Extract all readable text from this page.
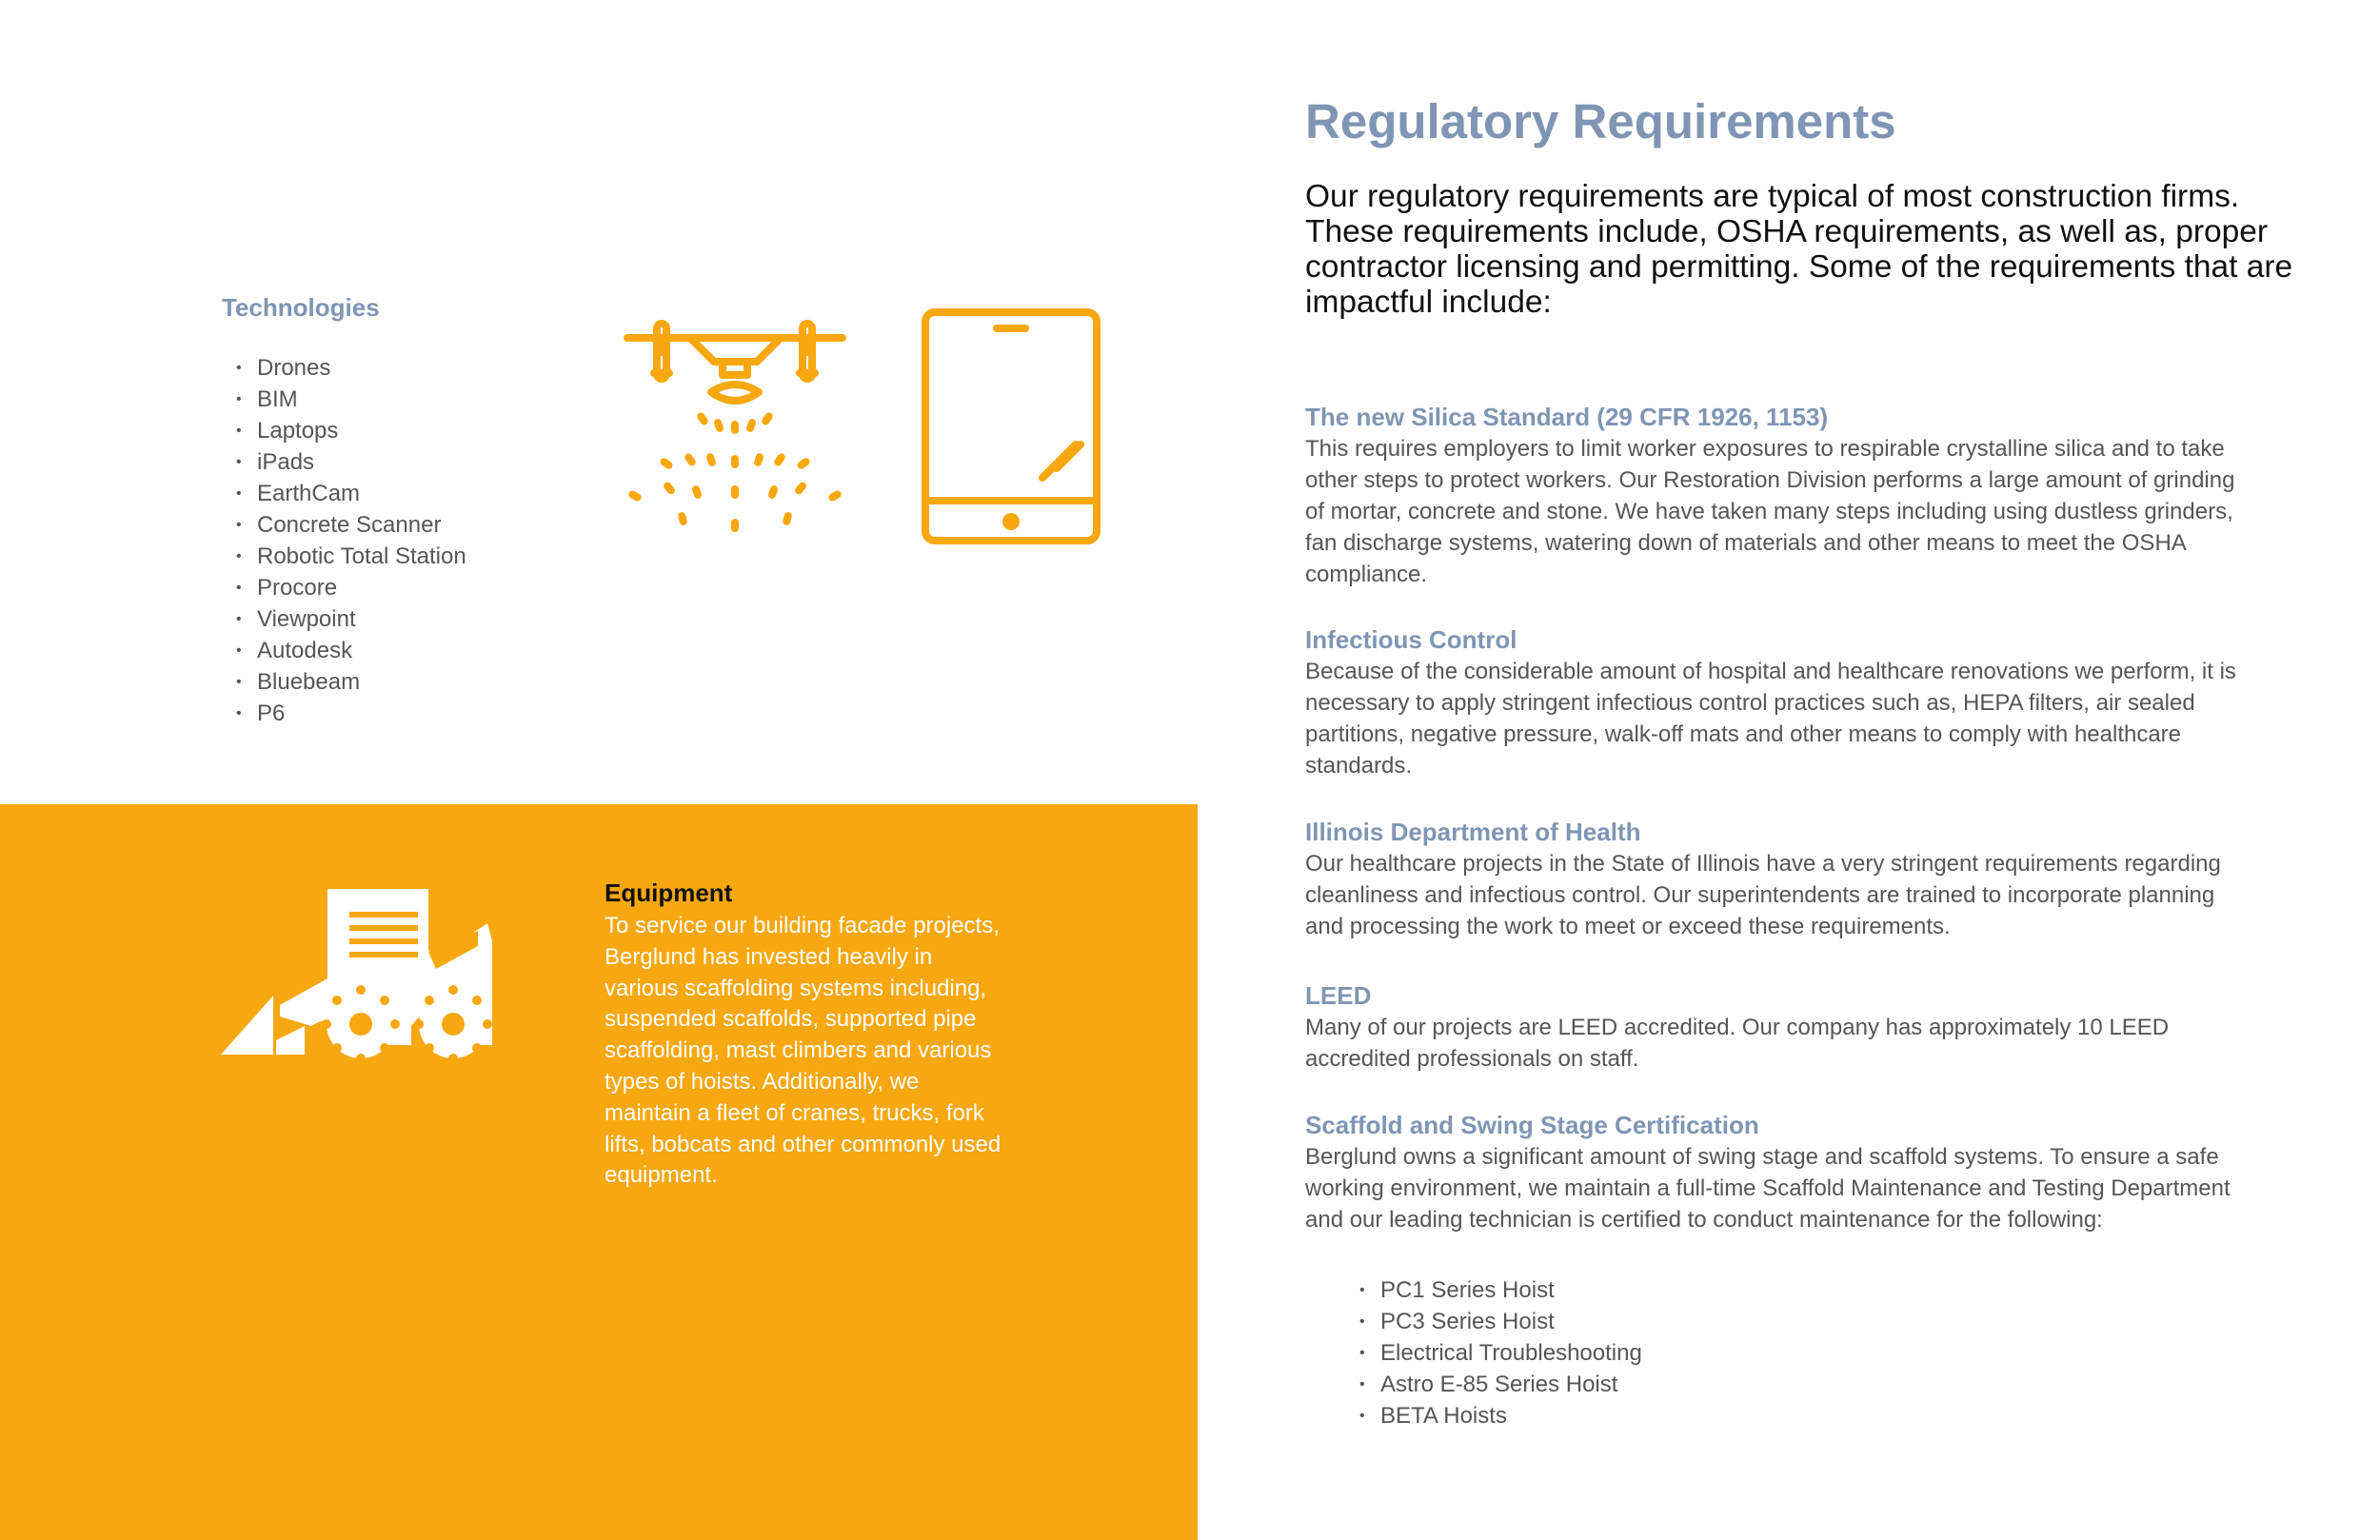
Technologies
• Drones
• BIM
• Laptops
• iPads
• EarthCam
• Concrete Scanner
• Robotic Total Station
• Procore
• Viewpoint
• Autodesk
• Bluebeam
• P6
Equipment

To service our building facade projects, Berglund has invested heavily in various scaffolding systems including, suspended scaffolds, supported pipe scaffolding, mast climbers and various types of hoists. Additionally, we maintain a fleet of cranes, trucks, fork lifts, bobcats and other commonly used equipment.

Regulatory Requirements

Our regulatory requirements are typical of most construction firms. These requirements include, OSHA requirements, as well as, proper contractor licensing and permitting. Some of the requirements that are impactful include:

The new Silica Standard (29 CFR 1926, 1153)

This requires employers to limit worker exposures to respirable crystalline silica and to take other steps to protect workers. Our Restoration Division performs a large amount of grinding of mortar, concrete and stone. We have taken many steps including using dustless grinders, fan discharge systems, watering down of materials and other means to meet the OSHA compliance.

Infectious Control

Because of the considerable amount of hospital and healthcare renovations we perform, it is necessary to apply stringent infectious control practices such as, HEPA filters, air sealed partitions, negative pressure, walk-off mats and other means to comply with healthcare standards.

Illinois Department of Health

Our healthcare projects in the State of Illinois have a very stringent requirements regarding cleanliness and infectious control. Our superintendents are trained to incorporate planning and processing the work to meet or exceed these requirements.

LEED

Many of our projects are LEED accredited. Our company has approximately 10 LEED accredited professionals on staff.

Scaffold and Swing Stage Certification

Berglund owns a significant amount of swing stage and scaffold systems. To ensure a safe working environment, we maintain a full-time Scaffold Maintenance and Testing Department and our leading technician is certified to conduct maintenance for the following:

• PC1 Series Hoist
• PC3 Series Hoist
• Electrical Troubleshooting
• Astro E-85 Series Hoist
• BETA Hoists
